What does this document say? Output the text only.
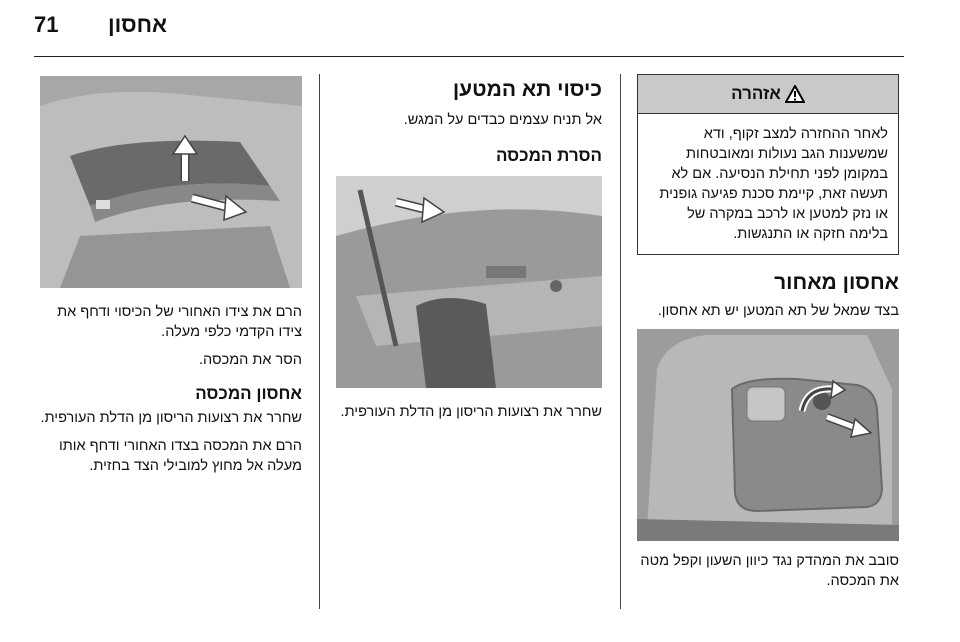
71 אחסון
אזהרה
לאחר ההחזרה למצב זקוף, ודא שמשענות הגב נעולות ומאובטחות במקומן לפני תחילת הנסיעה. אם לא תעשה זאת, קיימת סכנת פגיעה גופנית או נזק למטען או לרכב במקרה של בלימה חזקה או התנגשות.
אחסון מאחור

בצד שמאל של תא המטען יש תא אחסון.

סובב את המהדק נגד כיוון השעון וקפל מטה את המכסה.

כיסוי תא המטען

אל תניח עצמים כבדים על המגש.

הסרת המכסה

שחרר את רצועות הריסון מן הדלת העורפית.

הרם את צידו האחורי של הכיסוי ודחף את צידו הקדמי כלפי מעלה.

הסר את המכסה.

אחסון המכסה

שחרר את רצועות הריסון מן הדלת העורפית.

הרם את המכסה בצדו האחורי ודחף אותו מעלה אל מחוץ למובילי הצד בחזית.
